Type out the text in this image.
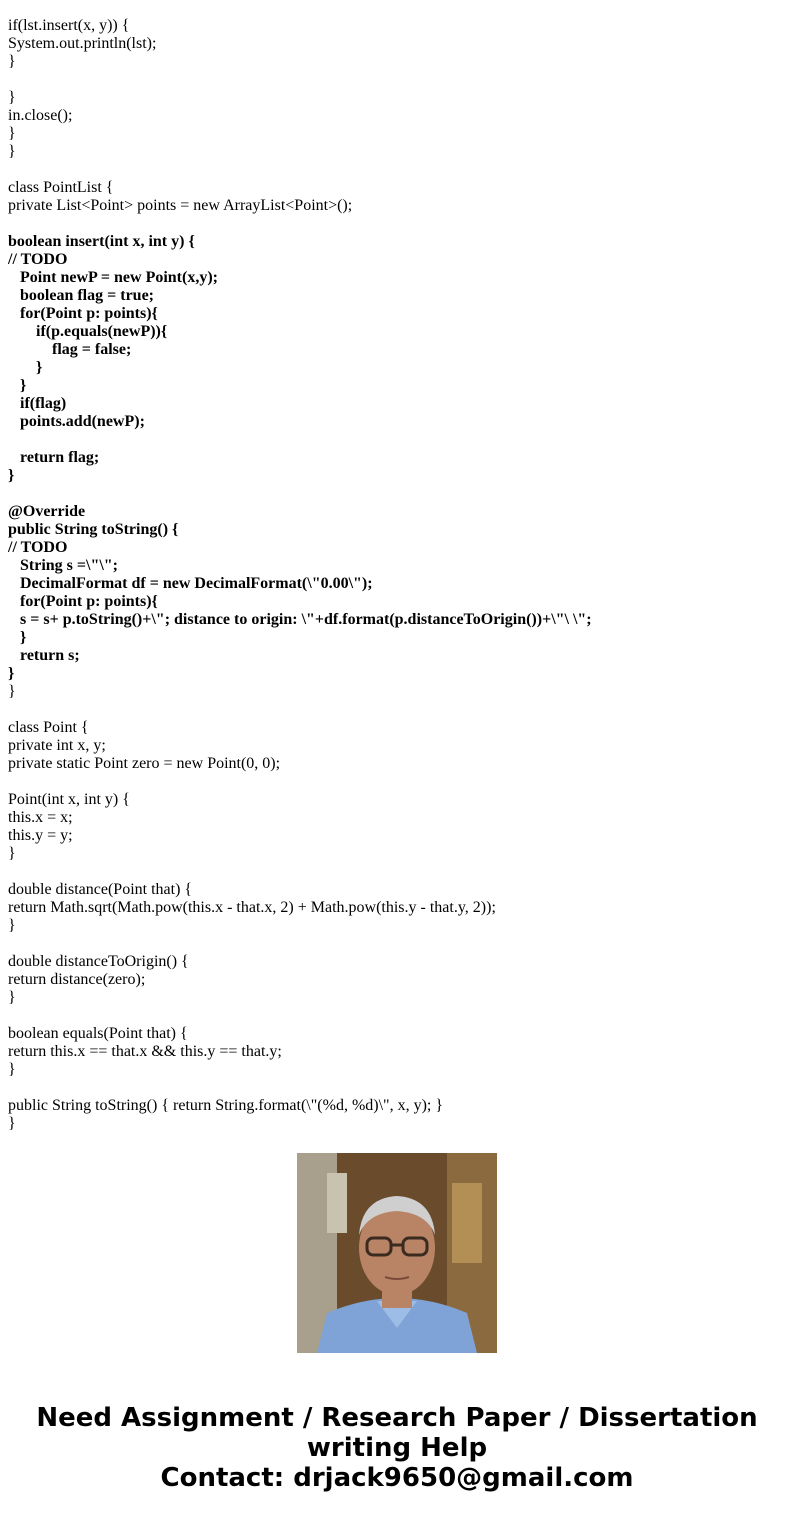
if(lst.insert(x, y)) {
System.out.println(lst);
}
}
in.close();
}
}
class PointList {
private List<Point> points = new ArrayList<Point>();
boolean insert(int x, int y) {
// TODO
Point newP = new Point(x,y);
boolean flag = true;
for(Point p: points){
if(p.equals(newP)){
flag = false;
}
}
if(flag)
points.add(newP);
return flag;
}
@Override
public String toString() {
// TODO
String s =\"\";
DecimalFormat df = new DecimalFormat(\"0.00\");
for(Point p: points){
s = s+ p.toString()+\"; distance to origin: \"+df.format(p.distanceToOrigin())+\"\ \";
}
return s;
}
}
class Point {
private int x, y;
private static Point zero = new Point(0, 0);
Point(int x, int y) {
this.x = x;
this.y = y;
}
double distance(Point that) {
return Math.sqrt(Math.pow(this.x - that.x, 2) + Math.pow(this.y - that.y, 2));
}
double distanceToOrigin() {
return distance(zero);
}
boolean equals(Point that) {
return this.x == that.x && this.y == that.y;
}
public String toString() { return String.format(\"(%d, %d)\", x, y); }
}
Need Assignment / Research Paper / Dissertation
writing Help
Contact: drjack9650@gmail.com
